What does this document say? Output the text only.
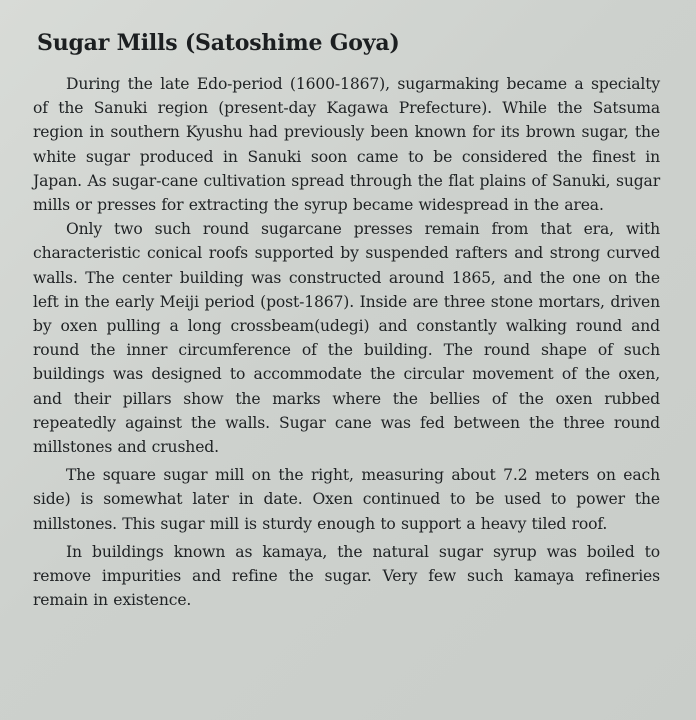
Sugar Mills (Satoshime Goya)

During the late Edo-period (1600-1867), sugarmaking became a specialty of the Sanuki region (present-day Kagawa Prefecture). While the Satsuma region in southern Kyushu had previously been known for its brown sugar, the white sugar produced in Sanuki soon came to be considered the finest in Japan. As sugar-cane cultivation spread through the flat plains of Sanuki, sugar mills or presses for extracting the syrup became widespread in the area.

Only two such round sugarcane presses remain from that era, with characteristic conical roofs supported by suspended rafters and strong curved walls. The center building was constructed around 1865, and the one on the left in the early Meiji period (post-1867). Inside are three stone mortars, driven by oxen pulling a long crossbeam(udegi) and constantly walking round and round the inner circumference of the building. The round shape of such buildings was designed to accommodate the circular movement of the oxen, and their pillars show the marks where the bellies of the oxen rubbed repeatedly against the walls. Sugar cane was fed between the three round millstones and crushed.

The square sugar mill on the right, measuring about 7.2 meters on each side) is somewhat later in date. Oxen continued to be used to power the millstones. This sugar mill is sturdy enough to support a heavy tiled roof.

In buildings known as kamaya, the natural sugar syrup was boiled to remove impurities and refine the sugar. Very few such kamaya refineries remain in existence.
